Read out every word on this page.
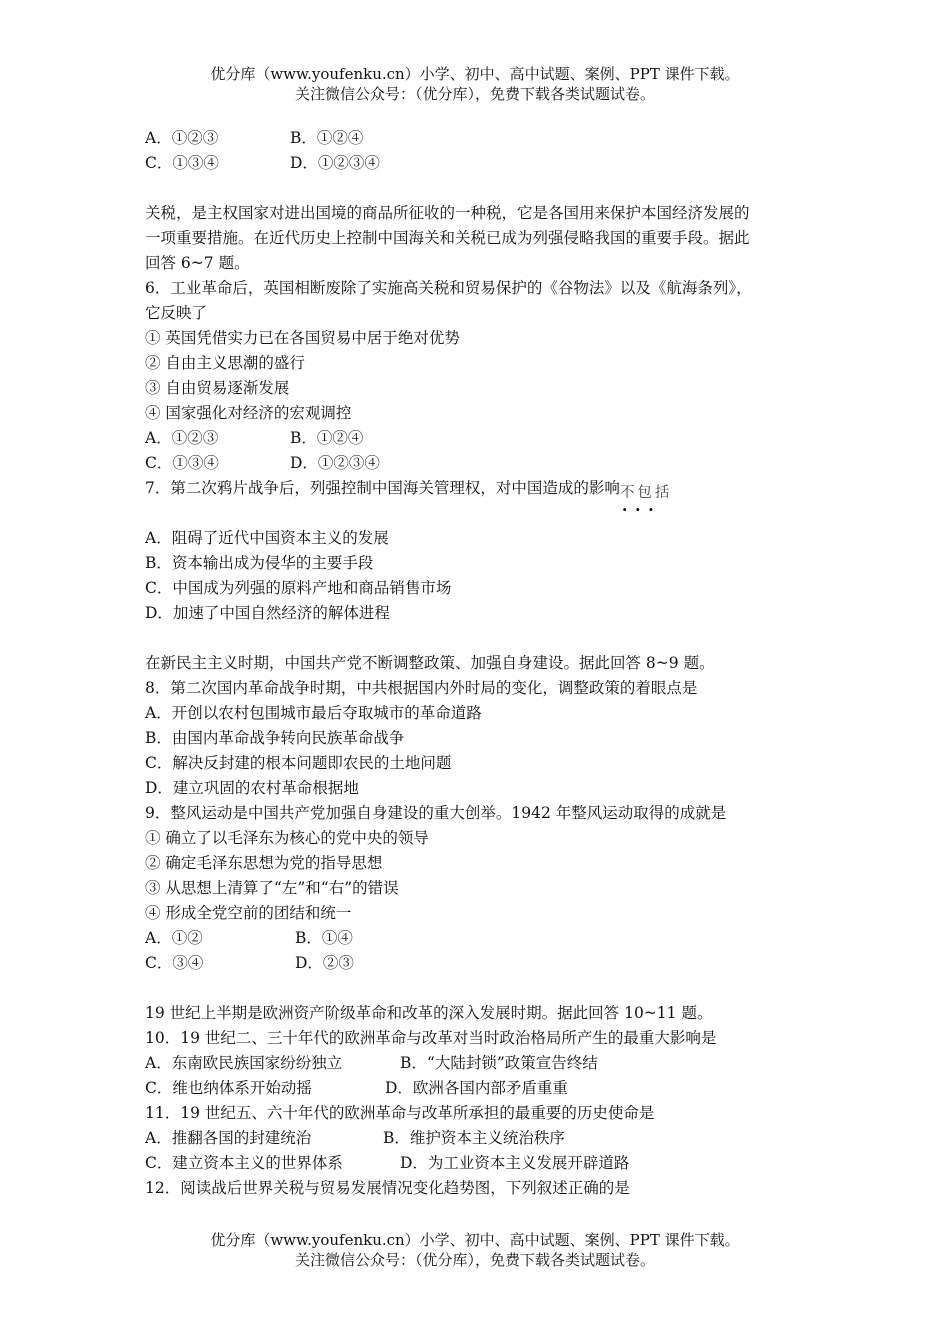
优分库（www.youfenku.cn）小学、初中、高中试题、案例、PPT 课件下载。
关注微信公众号：（优分库），免费下载各类试题试卷。
A．①②③	B．①②④
C．①③④	D．①②③④
关税，是主权国家对进出国境的商品所征收的一种税，它是各国用来保护本国经济发展的
一项重要措施。在近代历史上控制中国海关和关税已成为列强侵略我国的重要手段。据此
回答 6~7 题。
6．工业革命后，英国相断废除了实施高关税和贸易保护的《谷物法》以及《航海条列》，
它反映了
① 英国凭借实力已在各国贸易中居于绝对优势
② 自由主义思潮的盛行
③ 自由贸易逐渐发展
④ 国家强化对经济的宏观调控
A．①②③	B．①②④
C．①③④	D．①②③④
7．第二次鸦片战争后，列强控制中国海关管理权，对中国造成的影响不包括 · · ·
A．阻碍了近代中国资本主义的发展
B．资本输出成为侵华的主要手段
C．中国成为列强的原料产地和商品销售市场
D．加速了中国自然经济的解体进程
在新民主主义时期，中国共产党不断调整政策、加强自身建设。据此回答 8~9 题。
8．第二次国内革命战争时期，中共根据国内外时局的变化，调整政策的着眼点是
A．开创以农村包围城市最后夺取城市的革命道路
B．由国内革命战争转向民族革命战争
C．解决反封建的根本问题即农民的土地问题
D．建立巩固的农村革命根据地
9．整风运动是中国共产党加强自身建设的重大创举。1942 年整风运动取得的成就是
① 确立了以毛泽东为核心的党中央的领导
② 确定毛泽东思想为党的指导思想
③ 从思想上清算了“左”和“右”的错误
④ 形成全党空前的团结和统一
A．①②	B．①④
C．③④	D．②③
19 世纪上半期是欧洲资产阶级革命和改革的深入发展时期。据此回答 10~11 题。
10．19 世纪二、三十年代的欧洲革命与改革对当时政治格局所产生的最重大影响是
A．东南欧民族国家纷纷独立	B．“大陆封锁”政策宣告终结
C．维也纳体系开始动摇	D．欧洲各国内部矛盾重重
11．19 世纪五、六十年代的欧洲革命与改革所承担的最重要的历史使命是
A．推翻各国的封建统治	B．维护资本主义统治秩序
C．建立资本主义的世界体系	D．为工业资本主义发展开辟道路
12．阅读战后世界关税与贸易发展情况变化趋势图，下列叙述正确的是
优分库（www.youfenku.cn）小学、初中、高中试题、案例、PPT 课件下载。
关注微信公众号：（优分库），免费下载各类试题试卷。
